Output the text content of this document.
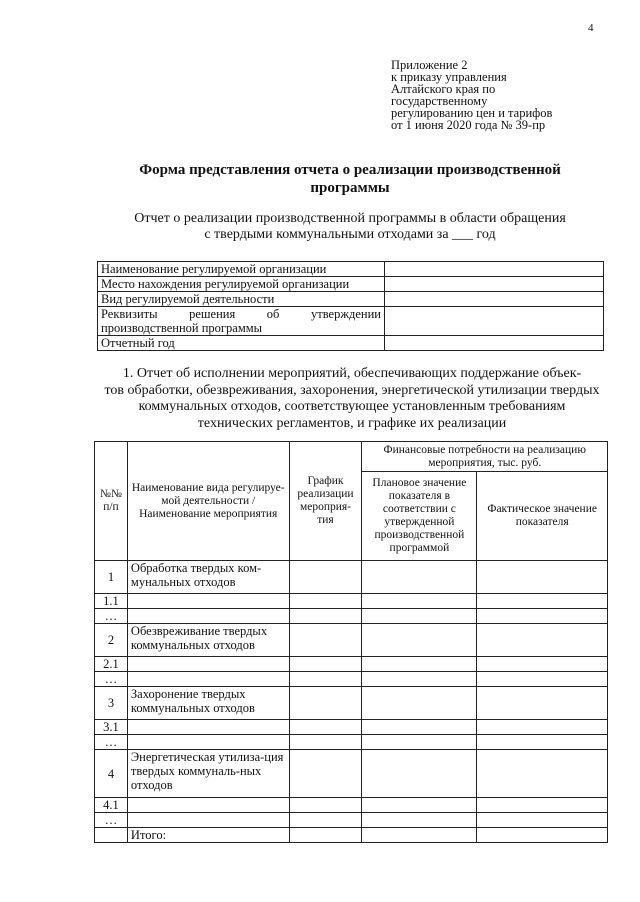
4
Приложение 2
к приказу управления
Алтайского края по
государственному
регулированию цен и тарифов
от 1 июня 2020 года № 39-пр
Форма представления отчета о реализации производственной
программы
Отчет о реализации производственной программы в области обращения
с твердыми коммунальными отходами за ___ год
Наименование регулируемой организации	
Место нахождения регулируемой организации	
Вид регулируемой деятельности	

Реквизиты решения об утверждении
производственной программы	

Отчетный год	
1. Отчет об исполнении мероприятий, обеспечивающих поддержание объек-
тов обработки, обезвреживания, захоронения, энергетической утилизации твердых
коммунальных отходов, соответствующее установленным требованиям
технических регламентов, и графике их реализации
№№ п/п	Наименование вида регулируе-мой деятельности / Наименование мероприятия	График реализации мероприя-тия	Финансовые потребности на реализацию мероприятия, тыс. руб.	
			Плановое значение показателя в соответствии с утвержденной производственной программой	Фактическое значение показателя
1	Обработка твердых ком-мунальных отходов			
1.1				
…				
2	Обезвреживание твердых коммунальных отходов			
2.1				
…				
3	Захоронение твердых коммунальных отходов			
3.1				
…				
4	Энергетическая утилиза-ция твердых коммуналь-ных отходов			
4.1				
…				
	Итого:			
